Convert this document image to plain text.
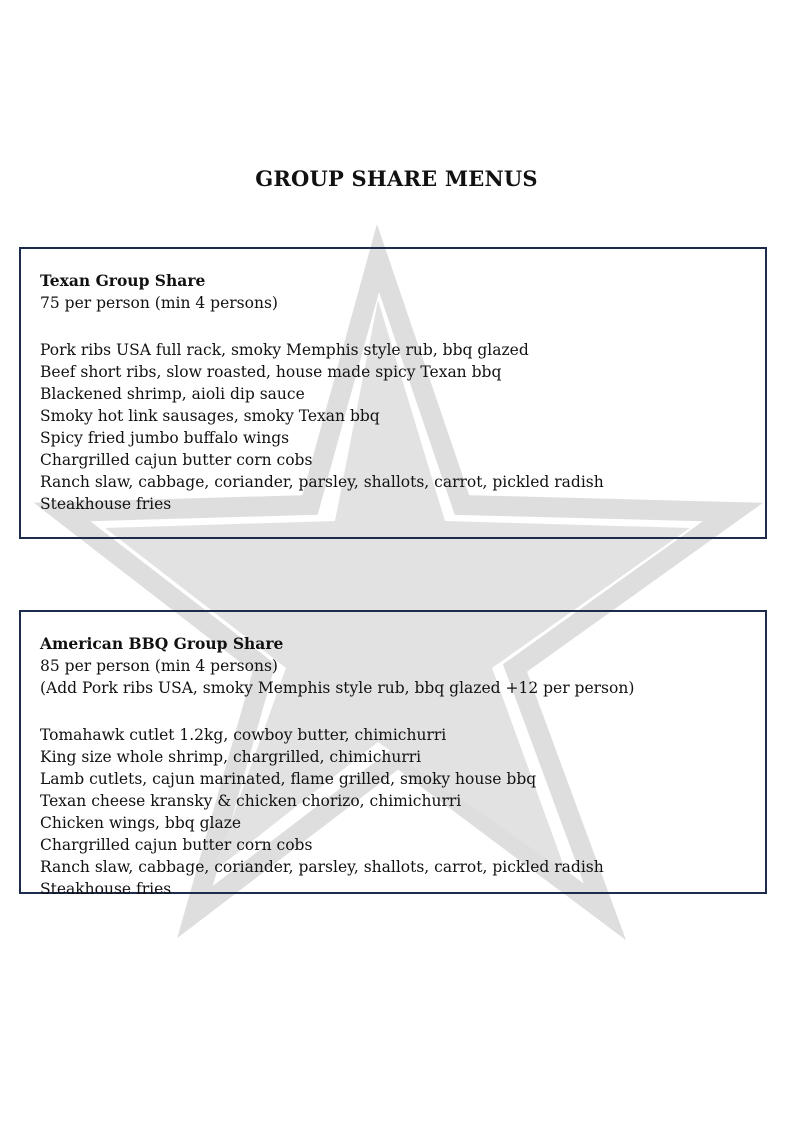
GROUP SHARE MENUS
Texan Group Share
75 per person (min 4 persons)
Pork ribs USA full rack, smoky Memphis style rub, bbq glazed
Beef short ribs, slow roasted, house made spicy Texan bbq
Blackened shrimp, aioli dip sauce
Smoky hot link sausages, smoky Texan bbq
Spicy fried jumbo buffalo wings
Chargrilled cajun butter corn cobs
Ranch slaw, cabbage, coriander, parsley, shallots, carrot, pickled radish
Steakhouse fries
American BBQ Group Share
85 per person (min 4 persons)
(Add Pork ribs USA, smoky Memphis style rub, bbq glazed +12 per person)
Tomahawk cutlet 1.2kg, cowboy butter, chimichurri
King size whole shrimp, chargrilled, chimichurri
Lamb cutlets, cajun marinated, flame grilled, smoky house bbq
Texan cheese kransky & chicken chorizo, chimichurri
Chicken wings, bbq glaze
Chargrilled cajun butter corn cobs
Ranch slaw, cabbage, coriander, parsley, shallots, carrot, pickled radish
Steakhouse fries
